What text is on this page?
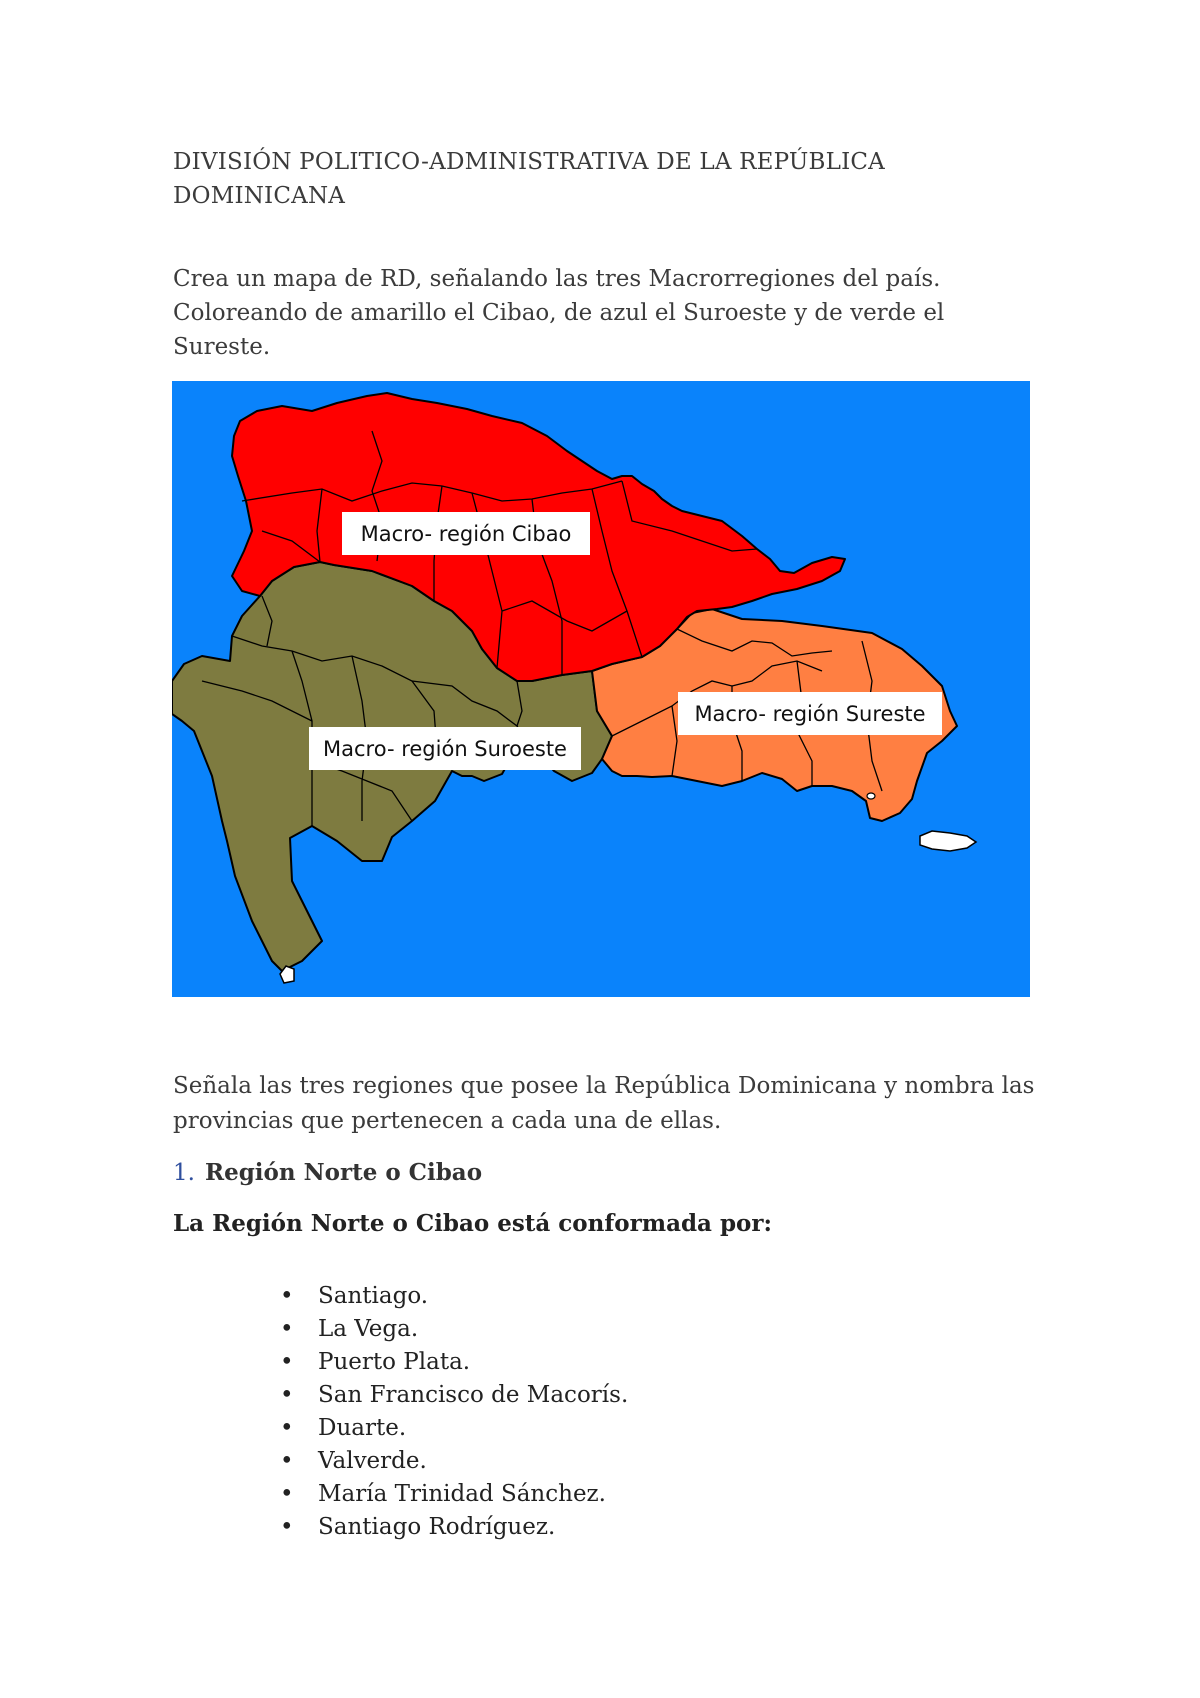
DIVISIÓN POLITICO-ADMINISTRATIVA DE LA REPÚBLICA
DOMINICANA
Crea un mapa de RD, señalando las tres Macrorregiones del país.
Coloreando de amarillo el Cibao, de azul el Suroeste y de verde el
Sureste.
Macro- región Cibao
Macro- región Sureste
Macro- región Suroeste
Señala las tres regiones que posee la República Dominicana y nombra las
provincias que pertenecen a cada una de ellas.
1. Región Norte o Cibao
La Región Norte o Cibao está conformada por:
• Santiago.
• La Vega.
• Puerto Plata.
• San Francisco de Macorís.
• Duarte.
• Valverde.
• María Trinidad Sánchez.
• Santiago Rodríguez.
